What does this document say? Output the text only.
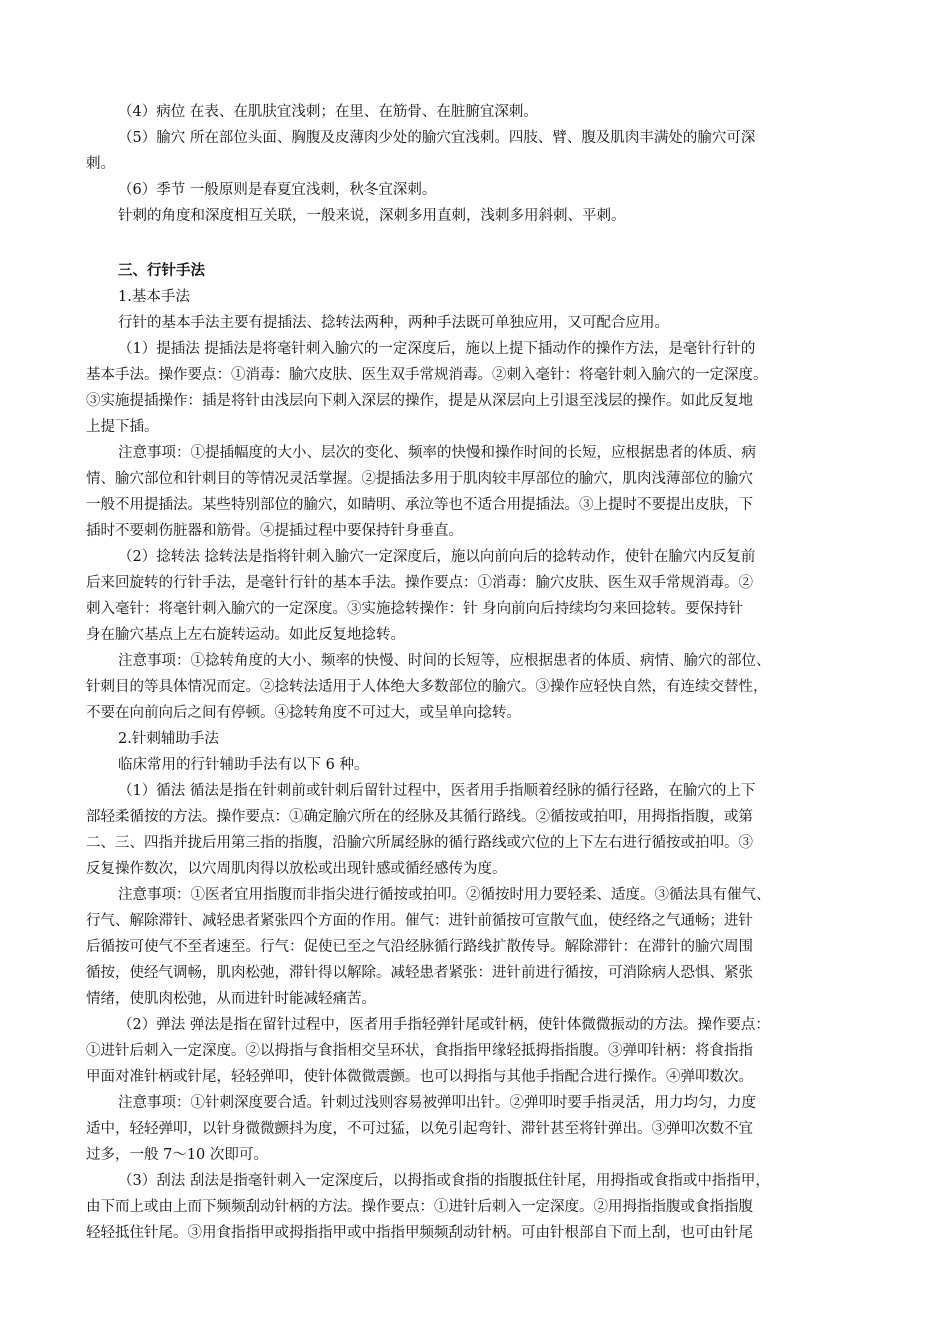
（4）病位 在表、在肌肤宜浅刺；在里、在筋骨、在脏腑宜深刺。
（5）腧穴 所在部位头面、胸腹及皮薄肉少处的腧穴宜浅刺。四肢、臂、腹及肌肉丰满处的腧穴可深
刺。
（6）季节 一般原则是春夏宜浅刺，秋冬宜深刺。
针刺的角度和深度相互关联，一般来说，深刺多用直刺，浅刺多用斜刺、平刺。
三、行针手法
1.基本手法
行针的基本手法主要有提插法、捻转法两种，两种手法既可单独应用，又可配合应用。
（1）提插法 提插法是将毫针刺入腧穴的一定深度后，施以上提下插动作的操作方法，是毫针行针的
基本手法。操作要点：①消毒：腧穴皮肤、医生双手常规消毒。②刺入毫针：将毫针刺入腧穴的一定深度。
③实施提插操作：插是将针由浅层向下刺入深层的操作，提是从深层向上引退至浅层的操作。如此反复地
上提下插。
注意事项：①提插幅度的大小、层次的变化、频率的快慢和操作时间的长短，应根据患者的体质、病
情、腧穴部位和针刺目的等情况灵活掌握。②提插法多用于肌肉较丰厚部位的腧穴，肌肉浅薄部位的腧穴
一般不用提插法。某些特别部位的腧穴，如睛明、承泣等也不适合用提插法。③上提时不要提出皮肤，下
插时不要刺伤脏器和筋骨。④提插过程中要保持针身垂直。
（2）捻转法 捻转法是指将针刺入腧穴一定深度后，施以向前向后的捻转动作，使针在腧穴内反复前
后来回旋转的行针手法，是毫针行针的基本手法。操作要点：①消毒：腧穴皮肤、医生双手常规消毒。②
刺入毫针：将毫针刺入腧穴的一定深度。③实施捻转操作：针 身向前向后持续均匀来回捻转。要保持针
身在腧穴基点上左右旋转运动。如此反复地捻转。
注意事项：①捻转角度的大小、频率的快慢、时间的长短等，应根据患者的体质、病情、腧穴的部位、
针刺目的等具体情况而定。②捻转法适用于人体绝大多数部位的腧穴。③操作应轻快自然，有连续交替性，
不要在向前向后之间有停顿。④捻转角度不可过大，或呈单向捻转。
2.针刺辅助手法
临床常用的行针辅助手法有以下 6 种。
（1）循法 循法是指在针刺前或针刺后留针过程中，医者用手指顺着经脉的循行径路，在腧穴的上下
部轻柔循按的方法。操作要点：①确定腧穴所在的经脉及其循行路线。②循按或拍叩，用拇指指腹，或第
二、三、四指并拢后用第三指的指腹，沿腧穴所属经脉的循行路线或穴位的上下左右进行循按或拍叩。③
反复操作数次，以穴周肌肉得以放松或出现针感或循经感传为度。
注意事项：①医者宜用指腹而非指尖进行循按或拍叩。②循按时用力要轻柔、适度。③循法具有催气、
行气、解除滞针、减轻患者紧张四个方面的作用。催气：进针前循按可宣散气血，使经络之气通畅；进针
后循按可使气不至者速至。行气：促使已至之气沿经脉循行路线扩散传导。解除滞针：在滞针的腧穴周围
循按，使经气调畅，肌肉松弛，滞针得以解除。减轻患者紧张：进针前进行循按，可消除病人恐惧、紧张
情绪，使肌肉松弛，从而进针时能减轻痛苦。
（2）弹法 弹法是指在留针过程中，医者用手指轻弹针尾或针柄，使针体微微振动的方法。操作要点：
①进针后刺入一定深度。②以拇指与食指相交呈环状，食指指甲缘轻抵拇指指腹。③弹叩针柄：将食指指
甲面对准针柄或针尾，轻轻弹叩，使针体微微震颤。也可以拇指与其他手指配合进行操作。④弹叩数次。
注意事项：①针刺深度要合适。针刺过浅则容易被弹叩出针。②弹叩时要手指灵活，用力均匀，力度
适中，轻轻弹叩，以针身微微颤抖为度，不可过猛，以免引起弯针、滞针甚至将针弹出。③弹叩次数不宜
过多，一般 7～10 次即可。
（3）刮法 刮法是指毫针刺入一定深度后，以拇指或食指的指腹抵住针尾，用拇指或食指或中指指甲，
由下而上或由上而下频频刮动针柄的方法。操作要点：①进针后刺入一定深度。②用拇指指腹或食指指腹
轻轻抵住针尾。③用食指指甲或拇指指甲或中指指甲频频刮动针柄。可由针根部自下而上刮，也可由针尾
